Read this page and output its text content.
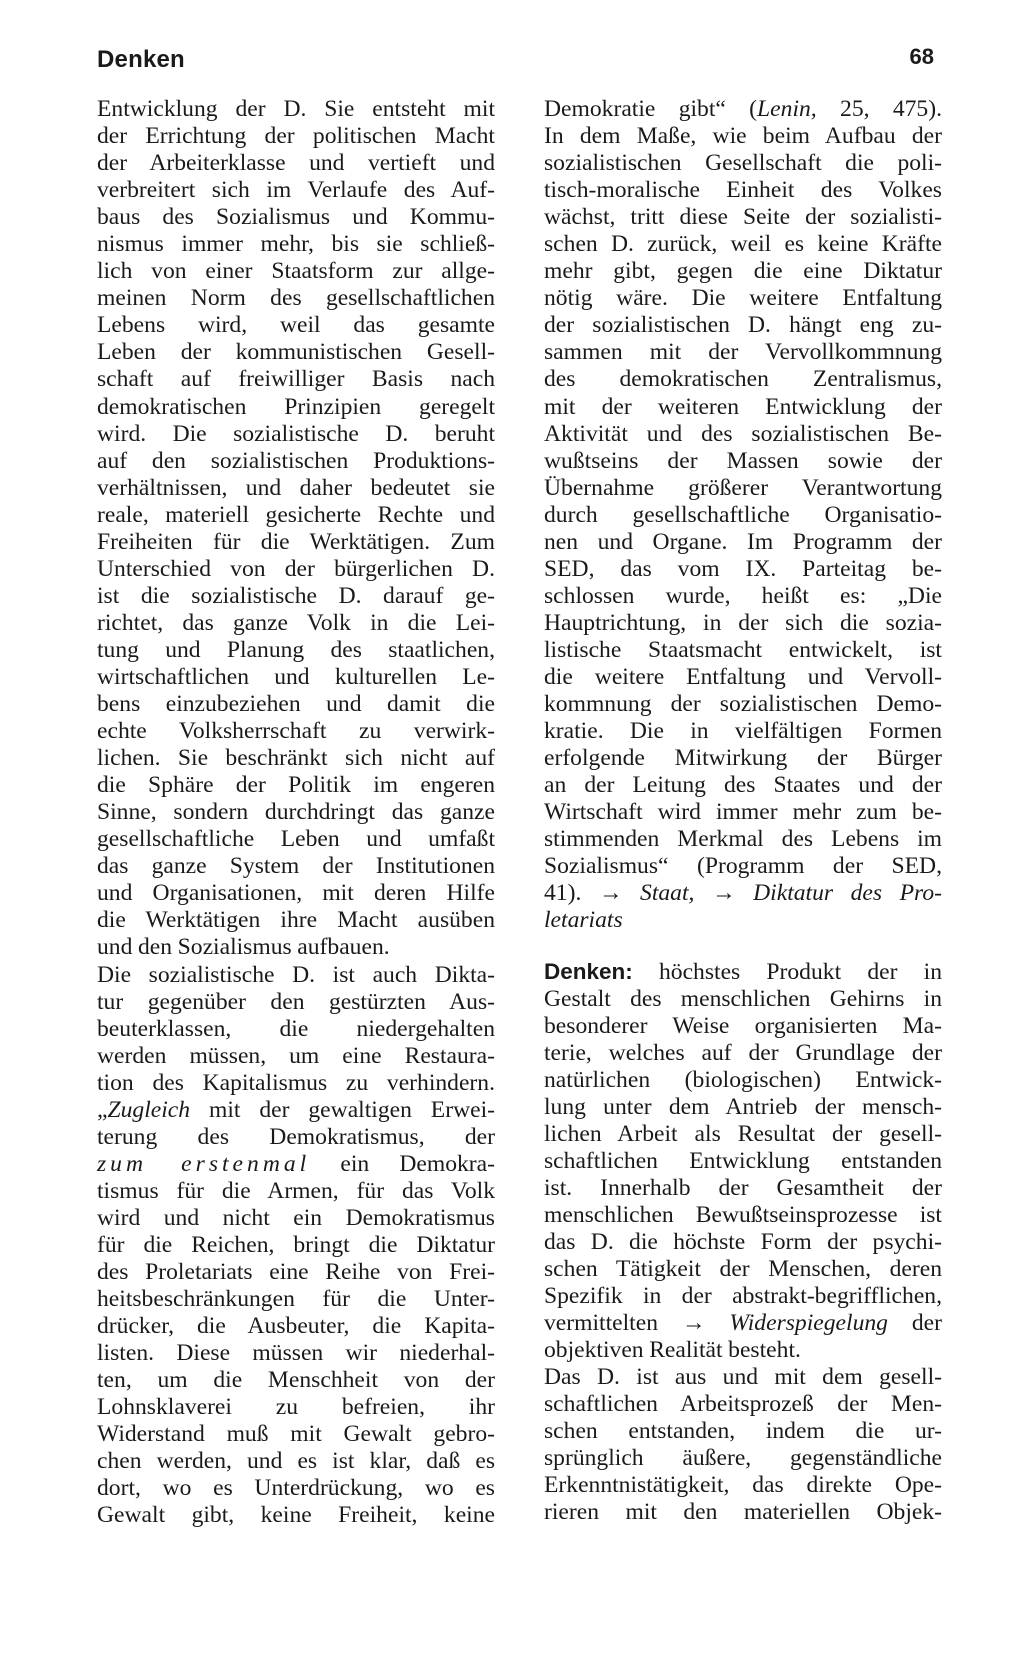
Denken	68
Entwicklung der D. Sie entsteht mit
der Errichtung der politischen Macht
der Arbeiterklasse und vertieft und
verbreitert sich im Verlaufe des Auf-
baus des Sozialismus und Kommu-
nismus immer mehr, bis sie schließ-
lich von einer Staatsform zur allge-
meinen Norm des gesellschaftlichen
Lebens wird, weil das gesamte
Leben der kommunistischen Gesell-
schaft auf freiwilliger Basis nach
demokratischen Prinzipien geregelt
wird. Die sozialistische D. beruht
auf den sozialistischen Produktions-
verhältnissen, und daher bedeutet sie
reale, materiell gesicherte Rechte und
Freiheiten für die Werktätigen. Zum
Unterschied von der bürgerlichen D.
ist die sozialistische D. darauf ge-
richtet, das ganze Volk in die Lei-
tung und Planung des staatlichen,
wirtschaftlichen und kulturellen Le-
bens einzubeziehen und damit die
echte Volksherrschaft zu verwirk-
lichen. Sie beschränkt sich nicht auf
die Sphäre der Politik im engeren
Sinne, sondern durchdringt das ganze
gesellschaftliche Leben und umfaßt
das ganze System der Institutionen
und Organisationen, mit deren Hilfe
die Werktätigen ihre Macht ausüben
und den Sozialismus aufbauen.
Die sozialistische D. ist auch Dikta-
tur gegenüber den gestürzten Aus-
beuterklassen, die niedergehalten
werden müssen, um eine Restaura-
tion des Kapitalismus zu verhindern.
„Zugleich mit der gewaltigen Erwei-
terung des Demokratismus, der
zum erstenmal ein Demokra-
tismus für die Armen, für das Volk
wird und nicht ein Demokratismus
für die Reichen, bringt die Diktatur
des Proletariats eine Reihe von Frei-
heitsbeschränkungen für die Unter-
drücker, die Ausbeuter, die Kapita-
listen. Diese müssen wir niederhal-
ten, um die Menschheit von der
Lohnsklaverei zu befreien, ihr
Widerstand muß mit Gewalt gebro-
chen werden, und es ist klar, daß es
dort, wo es Unterdrückung, wo es
Gewalt gibt, keine Freiheit, keine
Demokratie gibt“ (Lenin, 25, 475).
In dem Maße, wie beim Aufbau der
sozialistischen Gesellschaft die poli-
tisch-moralische Einheit des Volkes
wächst, tritt diese Seite der sozialisti-
schen D. zurück, weil es keine Kräfte
mehr gibt, gegen die eine Diktatur
nötig wäre. Die weitere Entfaltung
der sozialistischen D. hängt eng zu-
sammen mit der Vervollkommnung
des demokratischen Zentralismus,
mit der weiteren Entwicklung der
Aktivität und des sozialistischen Be-
wußtseins der Massen sowie der
Übernahme größerer Verantwortung
durch gesellschaftliche Organisatio-
nen und Organe. Im Programm der
SED, das vom IX. Parteitag be-
schlossen wurde, heißt es: „Die
Hauptrichtung, in der sich die sozia-
listische Staatsmacht entwickelt, ist
die weitere Entfaltung und Vervoll-
kommnung der sozialistischen Demo-
kratie. Die in vielfältigen Formen
erfolgende Mitwirkung der Bürger
an der Leitung des Staates und der
Wirtschaft wird immer mehr zum be-
stimmenden Merkmal des Lebens im
Sozialismus“ (Programm der SED,
41). → Staat, → Diktatur des Pro-
letariats
Denken: höchstes Produkt der in
Gestalt des menschlichen Gehirns in
besonderer Weise organisierten Ma-
terie, welches auf der Grundlage der
natürlichen (biologischen) Entwick-
lung unter dem Antrieb der mensch-
lichen Arbeit als Resultat der gesell-
schaftlichen Entwicklung entstanden
ist. Innerhalb der Gesamtheit der
menschlichen Bewußtseinsprozesse ist
das D. die höchste Form der psychi-
schen Tätigkeit der Menschen, deren
Spezifik in der abstrakt-begrifflichen,
vermittelten → Widerspiegelung der
objektiven Realität besteht.
Das D. ist aus und mit dem gesell-
schaftlichen Arbeitsprozeß der Men-
schen entstanden, indem die ur-
sprünglich äußere, gegenständliche
Erkenntnistätigkeit, das direkte Ope-
rieren mit den materiellen Objek-
